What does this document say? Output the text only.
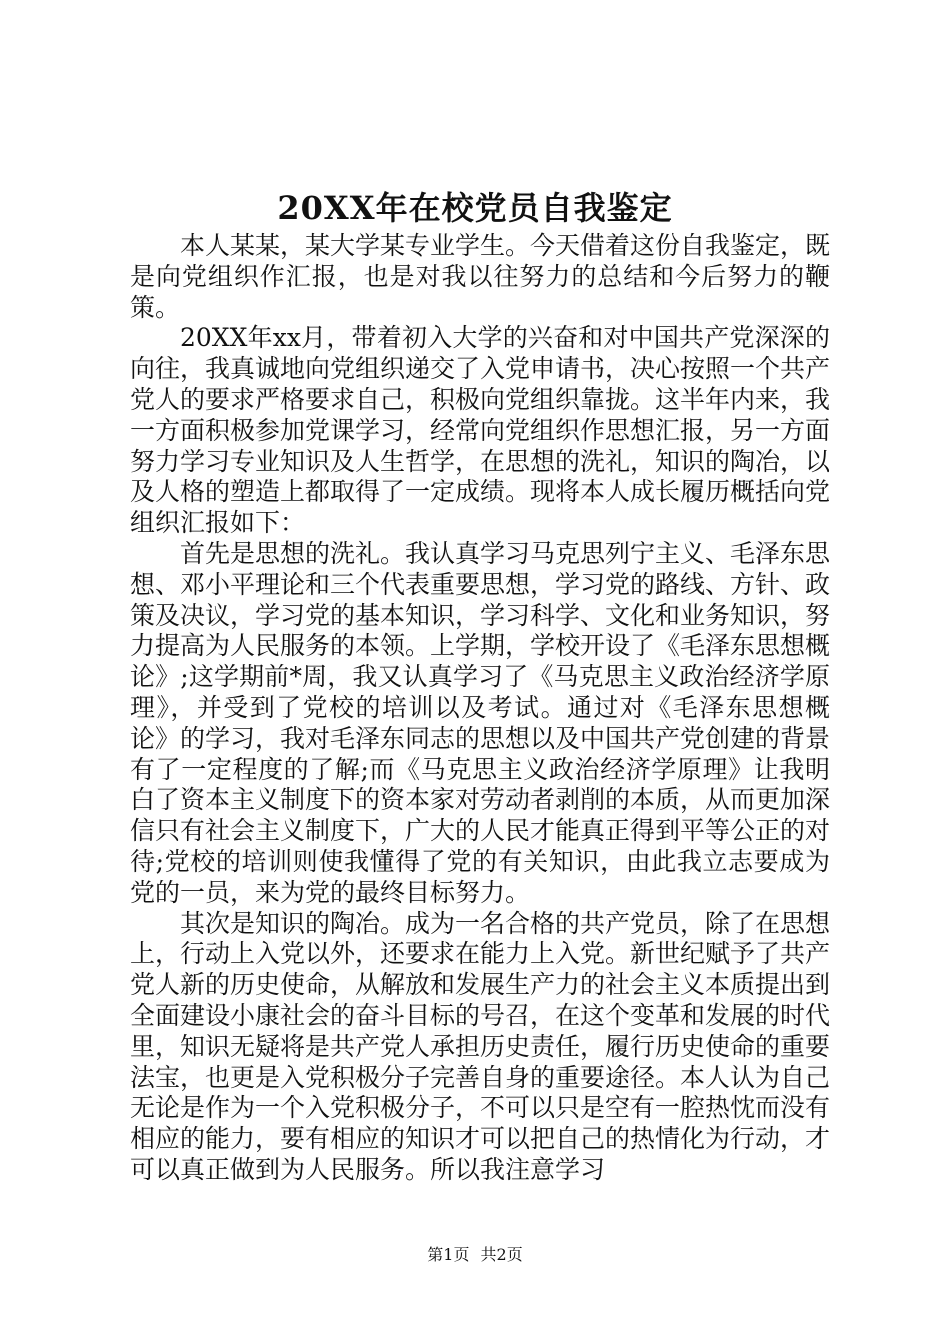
20XX年在校党员自我鉴定

本人某某，某大学某专业学生。今天借着这份自我鉴定，既是向党组织作汇报，也是对我以往努力的总结和今后努力的鞭策。

20XX年xx月，带着初入大学的兴奋和对中国共产党深深的向往，我真诚地向党组织递交了入党申请书，决心按照一个共产党人的要求严格要求自己，积极向党组织靠拢。这半年内来，我一方面积极参加党课学习，经常向党组织作思想汇报，另一方面努力学习专业知识及人生哲学，在思想的洗礼，知识的陶冶，以及人格的塑造上都取得了一定成绩。现将本人成长履历概括向党组织汇报如下：

首先是思想的洗礼。我认真学习马克思列宁主义、毛泽东思想、邓小平理论和三个代表重要思想，学习党的路线、方针、政策及决议，学习党的基本知识，学习科学、文化和业务知识，努力提高为人民服务的本领。上学期，学校开设了《毛泽东思想概论》;这学期前*周，我又认真学习了《马克思主义政治经济学原理》，并受到了党校的培训以及考试。通过对《毛泽东思想概论》的学习，我对毛泽东同志的思想以及中国共产党创建的背景有了一定程度的了解;而《马克思主义政治经济学原理》让我明白了资本主义制度下的资本家对劳动者剥削的本质，从而更加深信只有社会主义制度下，广大的人民才能真正得到平等公正的对待;党校的培训则使我懂得了党的有关知识，由此我立志要成为党的一员，来为党的最终目标努力。

其次是知识的陶冶。成为一名合格的共产党员，除了在思想上，行动上入党以外，还要求在能力上入党。新世纪赋予了共产党人新的历史使命，从解放和发展生产力的社会主义本质提出到全面建设小康社会的奋斗目标的号召，在这个变革和发展的时代里，知识无疑将是共产党人承担历史责任，履行历史使命的重要法宝，也更是入党积极分子完善自身的重要途径。本人认为自己无论是作为一个入党积极分子，不可以只是空有一腔热忱而没有相应的能力，要有相应的知识才可以把自己的热情化为行动，才可以真正做到为人民服务。所以我注意学习

第1页 共2页
